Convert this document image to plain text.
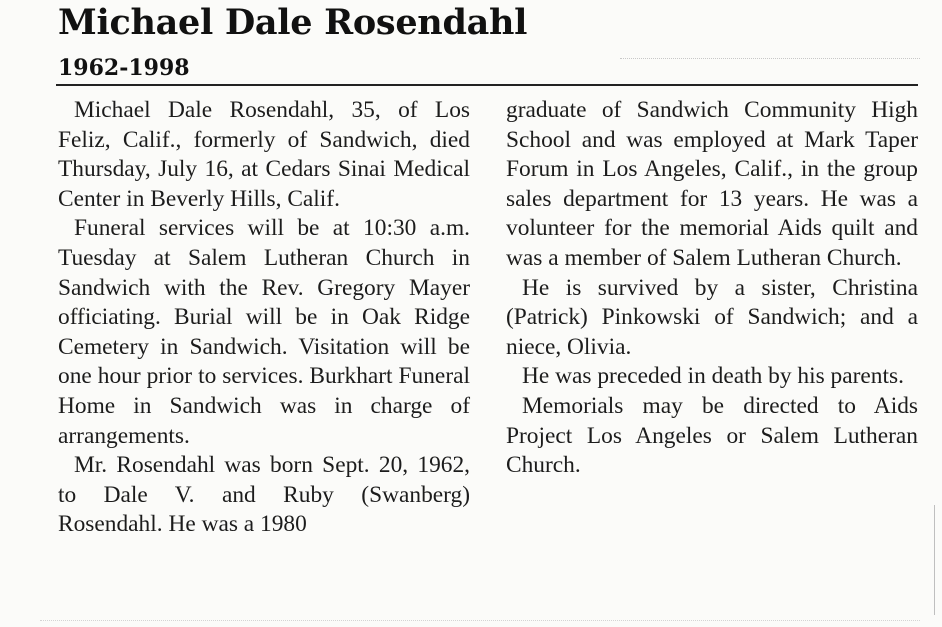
Michael Dale Rosendahl
1962-1998

Michael Dale Rosendahl, 35, of Los Feliz, Calif., formerly of Sandwich, died Thursday, July 16, at Cedars Sinai Medical Center in Beverly Hills, Calif.

Funeral services will be at 10:30 a.m. Tuesday at Salem Lutheran Church in Sandwich with the Rev. Gregory Mayer officiating. Burial will be in Oak Ridge Cemetery in Sandwich. Visitation will be one hour prior to services. Burkhart Funeral Home in Sandwich was in charge of arrangements.

Mr. Rosendahl was born Sept. 20, 1962, to Dale V. and Ruby (Swanberg) Rosendahl. He was a 1980

graduate of Sandwich Community High School and was employed at Mark Taper Forum in Los Angeles, Calif., in the group sales department for 13 years. He was a volunteer for the memorial Aids quilt and was a member of Salem Lutheran Church.

He is survived by a sister, Christina (Patrick) Pinkowski of Sandwich; and a niece, Olivia.

He was preceded in death by his parents.

Memorials may be directed to Aids Project Los Angeles or Salem Lutheran Church.
